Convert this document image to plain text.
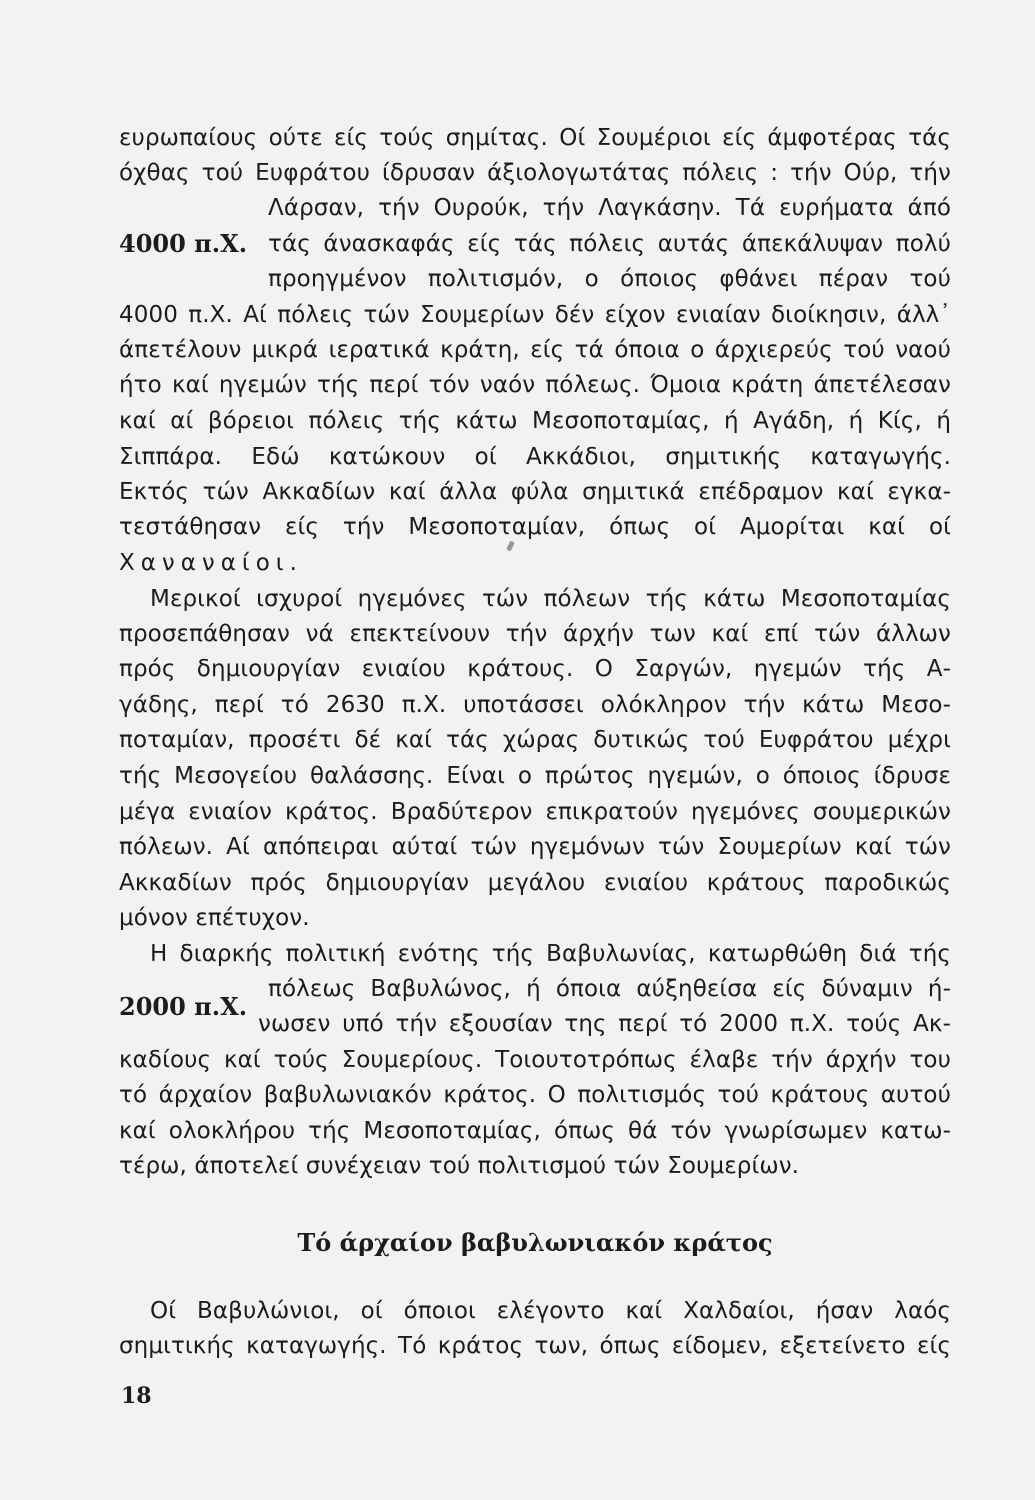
ευρωπαίους ούτε είς τούς σημίτας. Οί Σουμέριοι είς άμφοτέρας τάς
όχθας τού Ευφράτου ίδρυσαν άξιολογωτάτας πόλεις : τήν Ούρ, τήν
Λάρσαν, τήν Ουρούκ, τήν Λαγκάσην. Τά ευρήματα άπό
4000 π.Χ. τάς άνασκαφάς είς τάς πόλεις αυτάς άπεκάλυψαν πολύ
προηγμένον πολιτισμόν, ο όποιος φθάνει πέραν τού
4000 π.Χ. Αί πόλεις τών Σουμερίων δέν είχον ενιαίαν διοίκησιν, άλλ᾽
άπετέλουν μικρά ιερατικά κράτη, είς τά όποια ο άρχιερεύς τού ναού
ήτο καί ηγεμών τής περί τόν ναόν πόλεως. Όμοια κράτη άπετέλεσαν
καί αί βόρειοι πόλεις τής κάτω Μεσοποταμίας, ή Αγάδη, ή Κίς, ή
Σιππάρα. Εδώ κατώκουν οί Ακκάδιοι, σημιτικής καταγωγής.
Εκτός τών Ακκαδίων καί άλλα φύλα σημιτικά επέδραμον καί εγκα-
τεστάθησαν είς τήν Μεσοποταμίαν, όπως οί Αμορίται καί οί
Χαναναίοι.
Μερικοί ισχυροί ηγεμόνες τών πόλεων τής κάτω Μεσοποταμίας
προσεπάθησαν νά επεκτείνουν τήν άρχήν των καί επί τών άλλων
πρός δημιουργίαν ενιαίου κράτους. Ο Σαργών, ηγεμών τής Α-
γάδης, περί τό 2630 π.Χ. υποτάσσει ολόκληρον τήν κάτω Μεσο-
ποταμίαν, προσέτι δέ καί τάς χώρας δυτικώς τού Ευφράτου μέχρι
τής Μεσογείου θαλάσσης. Είναι ο πρώτος ηγεμών, ο όποιος ίδρυσε
μέγα ενιαίον κράτος. Βραδύτερον επικρατούν ηγεμόνες σουμερικών
πόλεων. Αί απόπειραι αύταί τών ηγεμόνων τών Σουμερίων καί τών
Ακκαδίων πρός δημιουργίαν μεγάλου ενιαίου κράτους παροδικώς
μόνον επέτυχον.
Η διαρκής πολιτική ενότης τής Βαβυλωνίας, κατωρθώθη διά τής
πόλεως Βαβυλώνος, ή όποια αύξηθείσα είς δύναμιν ή-
2000 π.Χ.
νωσεν υπό τήν εξουσίαν της περί τό 2000 π.Χ. τούς Ακ-
καδίους καί τούς Σουμερίους. Τοιουτοτρόπως έλαβε τήν άρχήν του
τό άρχαίον βαβυλωνιακόν κράτος. Ο πολιτισμός τού κράτους αυτού
καί ολοκλήρου τής Μεσοποταμίας, όπως θά τόν γνωρίσωμεν κατω-
τέρω, άποτελεί συνέχειαν τού πολιτισμού τών Σουμερίων.
Τό άρχαίον βαβυλωνιακόν κράτος
Οί Βαβυλώνιοι, οί όποιοι ελέγοντο καί Χαλδαίοι, ήσαν λαός
σημιτικής καταγωγής. Τό κράτος των, όπως είδομεν, εξετείνετο είς
18
